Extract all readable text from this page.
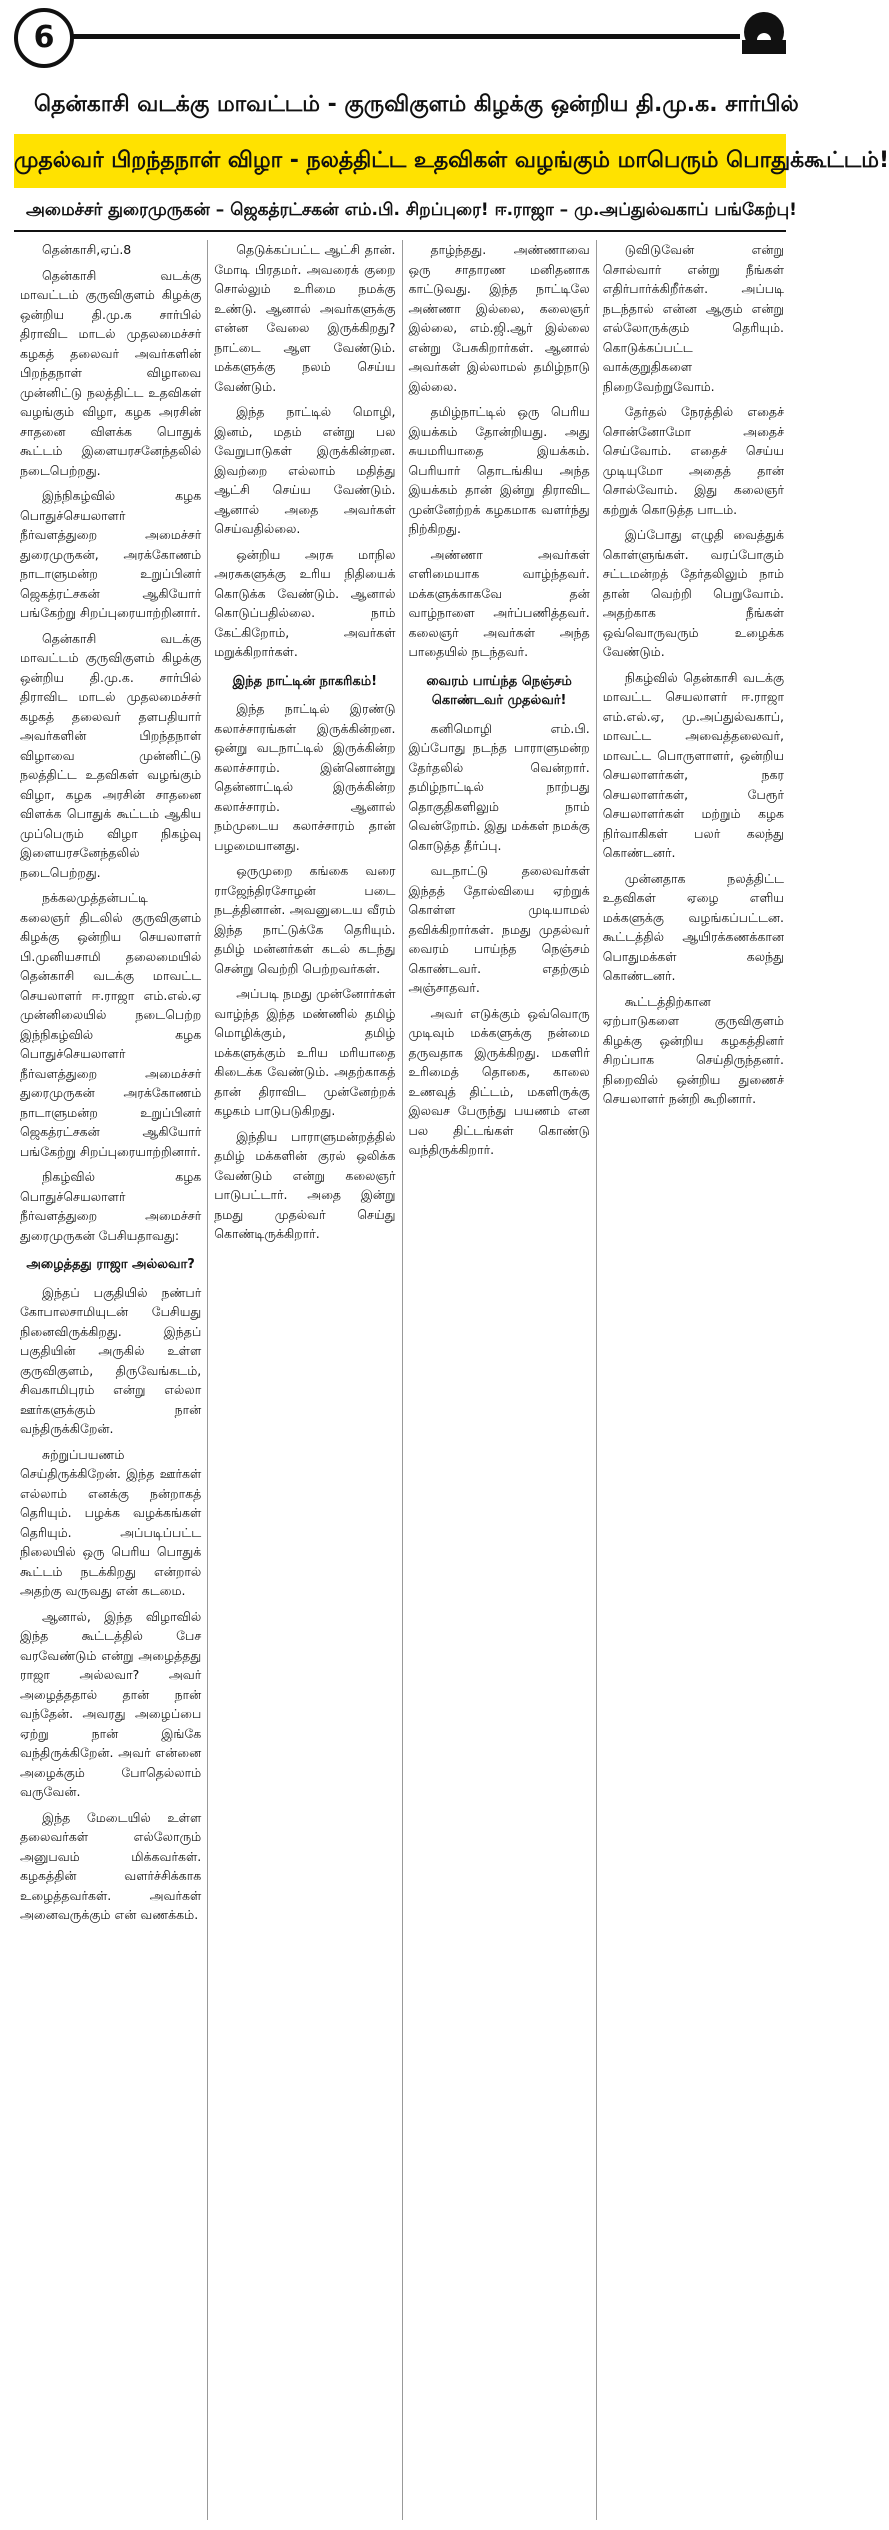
6
தென்காசி வடக்கு மாவட்டம் - குருவிகுளம் கிழக்கு ஒன்றிய தி.மு.க. சார்பில்
முதல்வர் பிறந்தநாள் விழா - நலத்திட்ட உதவிகள் வழங்கும் மாபெரும் பொதுக்கூட்டம்!
அமைச்சர் துரைமுருகன் – ஜெகத்ரட்சகன் எம்.பி. சிறப்புரை! ஈ.ராஜா – மு.அப்துல்வகாப் பங்கேற்பு!

தென்காசி,ஏப்.8

தென்காசி வடக்கு மாவட்டம் குருவிகுளம் கிழக்கு ஒன்றிய தி.மு.க சார்பில் திராவிட மாடல் முதலமைச்சர் கழகத் தலைவர் அவர்களின் பிறந்தநாள் விழாவை முன்னிட்டு நலத்திட்ட உதவிகள் வழங்கும் விழா, கழக அரசின் சாதனை விளக்க பொதுக் கூட்டம் இளையரசனேந்தலில் நடைபெற்றது.

இந்நிகழ்வில் கழக பொதுச்செயலாளர் நீர்வளத்துறை அமைச்சர் துரைமுருகன், அரக்கோணம் நாடாளுமன்ற உறுப்பினர் ஜெகத்ரட்சகன் ஆகியோர் பங்கேற்று சிறப்புரையாற்றினார்.

தென்காசி வடக்கு மாவட்டம் குருவிகுளம் கிழக்கு ஒன்றிய தி.மு.க. சார்பில் திராவிட மாடல் முதலமைச்சர் கழகத் தலைவர் தளபதியார் அவர்களின் பிறந்தநாள் விழாவை முன்னிட்டு நலத்திட்ட உதவிகள் வழங்கும் விழா, கழக அரசின் சாதனை விளக்க பொதுக் கூட்டம் ஆகிய முப்பெரும் விழா நிகழ்வு இளையரசனேந்தலில் நடைபெற்றது.

நக்கலமுத்தன்பட்டி கலைஞர் திடலில் குருவிகுளம் கிழக்கு ஒன்றிய செயலாளர் பி.முனியசாமி தலைமையில் தென்காசி வடக்கு மாவட்ட செயலாளர் ஈ.ராஜா எம்.எல்.ஏ முன்னிலையில் நடைபெற்ற இந்நிகழ்வில் கழக பொதுச்செயலாளர் நீர்வளத்துறை அமைச்சர் துரைமுருகன் அரக்கோணம் நாடாளுமன்ற உறுப்பினர் ஜெகத்ரட்சகன் ஆகியோர் பங்கேற்று சிறப்புரையாற்றினார்.

நிகழ்வில் கழக பொதுச்செயலாளர் நீர்வளத்துறை அமைச்சர் துரைமுருகன் பேசியதாவது:

அழைத்தது ராஜா அல்லவா?

இந்தப் பகுதியில் நண்பர் கோபாலசாமியுடன் பேசியது நினைவிருக்கிறது. இந்தப் பகுதியின் அருகில் உள்ள குருவிகுளம், திருவேங்கடம், சிவகாமிபுரம் என்று எல்லா ஊர்களுக்கும் நான் வந்திருக்கிறேன்.

சுற்றுப்பயணம் செய்திருக்கிறேன். இந்த ஊர்கள் எல்லாம் எனக்கு நன்றாகத் தெரியும். பழக்க வழக்கங்கள் தெரியும். அப்படிப்பட்ட நிலையில் ஒரு பெரிய பொதுக் கூட்டம் நடக்கிறது என்றால் அதற்கு வருவது என் கடமை.

ஆனால், இந்த விழாவில் இந்த கூட்டத்தில் பேச வரவேண்டும் என்று அழைத்தது ராஜா அல்லவா? அவர் அழைத்ததால் தான் நான் வந்தேன். அவரது அழைப்பை ஏற்று நான் இங்கே வந்திருக்கிறேன். அவர் என்னை அழைக்கும் போதெல்லாம் வருவேன்.

இந்த மேடையில் உள்ள தலைவர்கள் எல்லோரும் அனுபவம் மிக்கவர்கள். கழகத்தின் வளர்ச்சிக்காக உழைத்தவர்கள். அவர்கள் அனைவருக்கும் என் வணக்கம்.

தெடுக்கப்பட்ட ஆட்சி தான். மோடி பிரதமர். அவரைக் குறை சொல்லும் உரிமை நமக்கு உண்டு. ஆனால் அவர்களுக்கு என்ன வேலை இருக்கிறது? நாட்டை ஆள வேண்டும். மக்களுக்கு நலம் செய்ய வேண்டும்.

இந்த நாட்டில் மொழி, இனம், மதம் என்று பல வேறுபாடுகள் இருக்கின்றன. இவற்றை எல்லாம் மதித்து ஆட்சி செய்ய வேண்டும். ஆனால் அதை அவர்கள் செய்வதில்லை.

ஒன்றிய அரசு மாநில அரசுகளுக்கு உரிய நிதியைக் கொடுக்க வேண்டும். ஆனால் கொடுப்பதில்லை. நாம் கேட்கிறோம், அவர்கள் மறுக்கிறார்கள்.

இந்த நாட்டின் நாகரிகம்!

இந்த நாட்டில் இரண்டு கலாச்சாரங்கள் இருக்கின்றன. ஒன்று வடநாட்டில் இருக்கின்ற கலாச்சாரம். இன்னொன்று தென்னாட்டில் இருக்கின்ற கலாச்சாரம். ஆனால் நம்முடைய கலாச்சாரம் தான் பழமையானது.

ஒருமுறை கங்கை வரை ராஜேந்திரசோழன் படை நடத்தினான். அவனுடைய வீரம் இந்த நாட்டுக்கே தெரியும். தமிழ் மன்னர்கள் கடல் கடந்து சென்று வெற்றி பெற்றவர்கள்.

அப்படி நமது முன்னோர்கள் வாழ்ந்த இந்த மண்ணில் தமிழ் மொழிக்கும், தமிழ் மக்களுக்கும் உரிய மரியாதை கிடைக்க வேண்டும். அதற்காகத் தான் திராவிட முன்னேற்றக் கழகம் பாடுபடுகிறது.

இந்திய பாராளுமன்றத்தில் தமிழ் மக்களின் குரல் ஒலிக்க வேண்டும் என்று கலைஞர் பாடுபட்டார். அதை இன்று நமது முதல்வர் செய்து கொண்டிருக்கிறார்.

தாழ்ந்தது. அண்ணாவை ஒரு சாதாரண மனிதனாக காட்டுவது. இந்த நாட்டிலே அண்ணா இல்லை, கலைஞர் இல்லை, எம்.ஜி.ஆர் இல்லை என்று பேசுகிறார்கள். ஆனால் அவர்கள் இல்லாமல் தமிழ்நாடு இல்லை.

தமிழ்நாட்டில் ஒரு பெரிய இயக்கம் தோன்றியது. அது சுயமரியாதை இயக்கம். பெரியார் தொடங்கிய அந்த இயக்கம் தான் இன்று திராவிட முன்னேற்றக் கழகமாக வளர்ந்து நிற்கிறது.

அண்ணா அவர்கள் எளிமையாக வாழ்ந்தவர். மக்களுக்காகவே தன் வாழ்நாளை அர்ப்பணித்தவர். கலைஞர் அவர்கள் அந்த பாதையில் நடந்தவர்.

வைரம் பாய்ந்த நெஞ்சம் கொண்டவர் முதல்வர்!

கனிமொழி எம்.பி. இப்போது நடந்த பாராளுமன்ற தேர்தலில் வென்றார். தமிழ்நாட்டில் நாற்பது தொகுதிகளிலும் நாம் வென்றோம். இது மக்கள் நமக்கு கொடுத்த தீர்ப்பு.

வடநாட்டு தலைவர்கள் இந்தத் தோல்வியை ஏற்றுக் கொள்ள முடியாமல் தவிக்கிறார்கள். நமது முதல்வர் வைரம் பாய்ந்த நெஞ்சம் கொண்டவர். எதற்கும் அஞ்சாதவர்.

அவர் எடுக்கும் ஒவ்வொரு முடிவும் மக்களுக்கு நன்மை தருவதாக இருக்கிறது. மகளிர் உரிமைத் தொகை, காலை உணவுத் திட்டம், மகளிருக்கு இலவச பேருந்து பயணம் என பல திட்டங்கள் கொண்டு வந்திருக்கிறார்.

டுவிடுவேன் என்று சொல்வார் என்று நீங்கள் எதிர்பார்க்கிறீர்கள். அப்படி நடந்தால் என்ன ஆகும் என்று எல்லோருக்கும் தெரியும். கொடுக்கப்பட்ட வாக்குறுதிகளை நிறைவேற்றுவோம்.

தேர்தல் நேரத்தில் எதைச் சொன்னோமோ அதைச் செய்வோம். எதைச் செய்ய முடியுமோ அதைத் தான் சொல்வோம். இது கலைஞர் கற்றுக் கொடுத்த பாடம்.

இப்போது எழுதி வைத்துக் கொள்ளுங்கள். வரப்போகும் சட்டமன்றத் தேர்தலிலும் நாம் தான் வெற்றி பெறுவோம். அதற்காக நீங்கள் ஒவ்வொருவரும் உழைக்க வேண்டும்.

நிகழ்வில் தென்காசி வடக்கு மாவட்ட செயலாளர் ஈ.ராஜா எம்.எல்.ஏ, மு.அப்துல்வகாப், மாவட்ட அவைத்தலைவர், மாவட்ட பொருளாளர், ஒன்றிய செயலாளர்கள், நகர செயலாளர்கள், பேரூர் செயலாளர்கள் மற்றும் கழக நிர்வாகிகள் பலர் கலந்து கொண்டனர்.

முன்னதாக நலத்திட்ட உதவிகள் ஏழை எளிய மக்களுக்கு வழங்கப்பட்டன. கூட்டத்தில் ஆயிரக்கணக்கான பொதுமக்கள் கலந்து கொண்டனர்.

கூட்டத்திற்கான ஏற்பாடுகளை குருவிகுளம் கிழக்கு ஒன்றிய கழகத்தினர் சிறப்பாக செய்திருந்தனர். நிறைவில் ஒன்றிய துணைச் செயலாளர் நன்றி கூறினார்.
